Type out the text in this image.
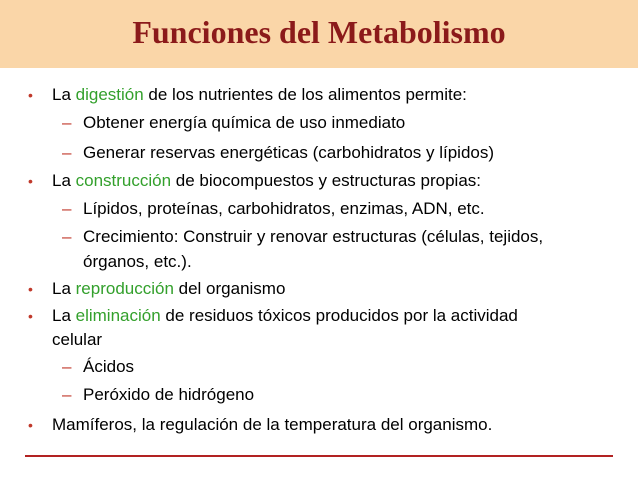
Funciones del Metabolismo
• La digestión de los nutrientes de los alimentos permite:
– Obtener energía química de uso inmediato
– Generar reservas energéticas (carbohidratos y lípidos)
• La construcción de biocompuestos y estructuras propias:
– Lípidos, proteínas, carbohidratos, enzimas, ADN, etc.
– Crecimiento: Construir y renovar estructuras (células, tejidos,
órganos, etc.).
• La reproducción del organismo
• La eliminación de residuos tóxicos producidos por la actividad
celular
– Ácidos
– Peróxido de hidrógeno
• Mamíferos, la regulación de la temperatura del organismo.
